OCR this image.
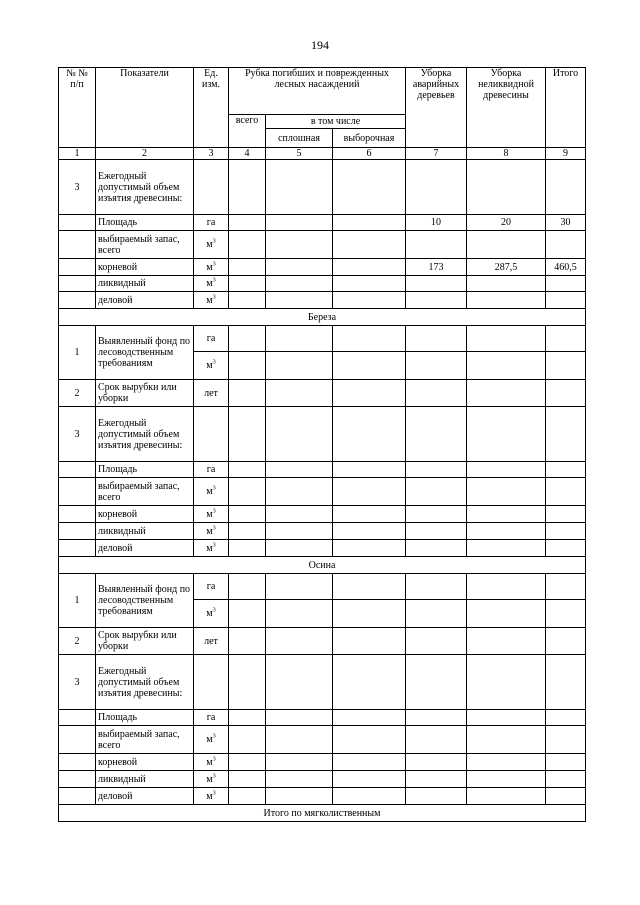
194
№ № п/п	Показатели	Ед. изм.	Рубка погибших и поврежденных лесных насаждений			Уборка аварийных деревьев	Уборка неликвидной древесины	Итого
			всего	в том числе				
				сплошная	выборочная			
1	2	3	4	5	6	7	8	9
3	Ежегодный допустимый объем изъятия древесины:							
	Площадь	га				10	20	30
	выбираемый запас, всего	$м^3$						
	корневой	$м^3$				173	287,5	460,5
	ликвидный	$м^3$						
	деловой	$м^3$						
Береза								
1	Выявленный фонд по лесоводственным требованиям	га						
		$м^3$						
2	Срок вырубки или уборки	лет						
3	Ежегодный допустимый объем изъятия древесины:							
	Площадь	га						
	выбираемый запас, всего	$м^3$						
	корневой	$м^3$						
	ликвидный	$м^3$						
	деловой	$м^3$						
Осина								
1	Выявленный фонд по лесоводственным требованиям	га						
		$м^3$						
2	Срок вырубки или уборки	лет						
3	Ежегодный допустимый объем изъятия древесины:							
	Площадь	га						
	выбираемый запас, всего	$м^3$						
	корневой	$м^3$						
	ликвидный	$м^3$						
	деловой	$м^3$						
Итого по мягколиственным								
